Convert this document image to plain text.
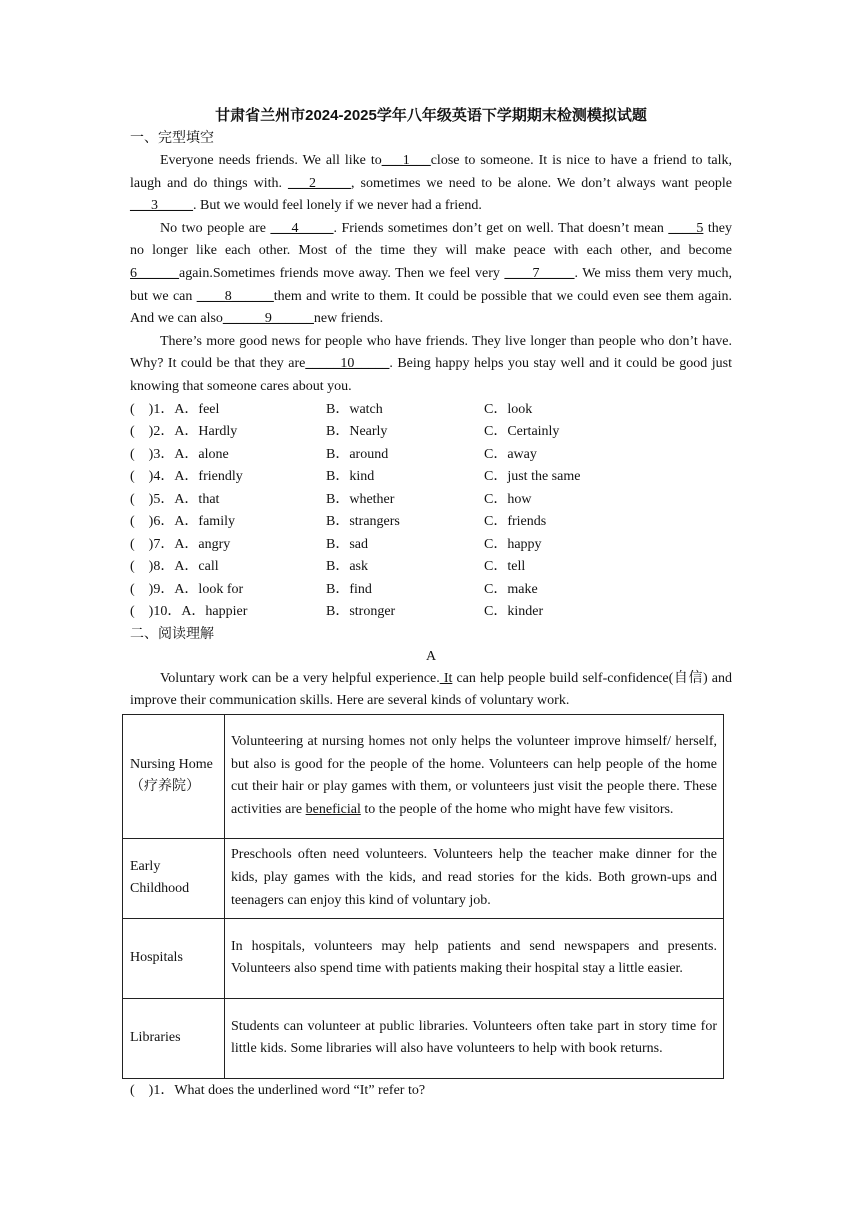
甘肃省兰州市2024-2025学年八年级英语下学期期末检测模拟试题
一、完型填空

Everyone needs friends. We all like to___1___close to someone. It is nice to have a friend to talk, laugh and do things with. ___2_____, sometimes we need to be alone. We don’t always want people ___3_____. But we would feel lonely if we never had a friend.

No two people are ___4_____. Friends sometimes don’t get on well. That doesn’t mean ____5 they no longer like each other. Most of the time they will make peace with each other, and become 6______again.Sometimes friends move away. Then we feel very ____7_____. We miss them very much, but we can ____8______them and write to them. It could be possible that we could even see them again. And we can also______9______new friends.

There’s more good news for people who have friends. They live longer than people who don’t have. Why? It could be that they are_____10_____. Being happy helps you stay well and it could be good just knowing that someone cares about you.

(    )1．A．feel	B．watch	C．look
(    )2．A．Hardly	B．Nearly	C．Certainly
(    )3．A．alone	B．around	C．away
(    )4．A．friendly	B．kind	C．just the same
(    )5．A．that	B．whether	C．how
(    )6．A．family	B．strangers	C．friends
(    )7．A．angry	B．sad	C．happy
(    )8．A．call	B．ask	C．tell
(    )9．A．look for	B．find	C．make
(    )10．A．happier	B．stronger	C．kinder
二、阅读理解
A

Voluntary work can be a very helpful experience. It can help people build self-confidence(自信) and improve their communication skills. Here are several kinds of voluntary work.

Nursing Home（疗养院）	Volunteering at nursing homes not only helps the volunteer improve himself/ herself, but also is good for the people of the home. Volunteers can help people of the home cut their hair or play games with them, or volunteers just visit the people there. These activities are beneficial to the people of the home who might have few visitors.
Early Childhood	Preschools often need volunteers. Volunteers help the teacher make dinner for the kids, play games with the kids, and read stories for the kids. Both grown-ups and teenagers can enjoy this kind of voluntary job.
Hospitals	In hospitals, volunteers may help patients and send newspapers and presents. Volunteers also spend time with patients making their hospital stay a little easier.
Libraries	Students can volunteer at public libraries. Volunteers often take part in story time for little kids. Some libraries will also have volunteers to help with book returns.
(    )1．What does the underlined word “It” refer to?
